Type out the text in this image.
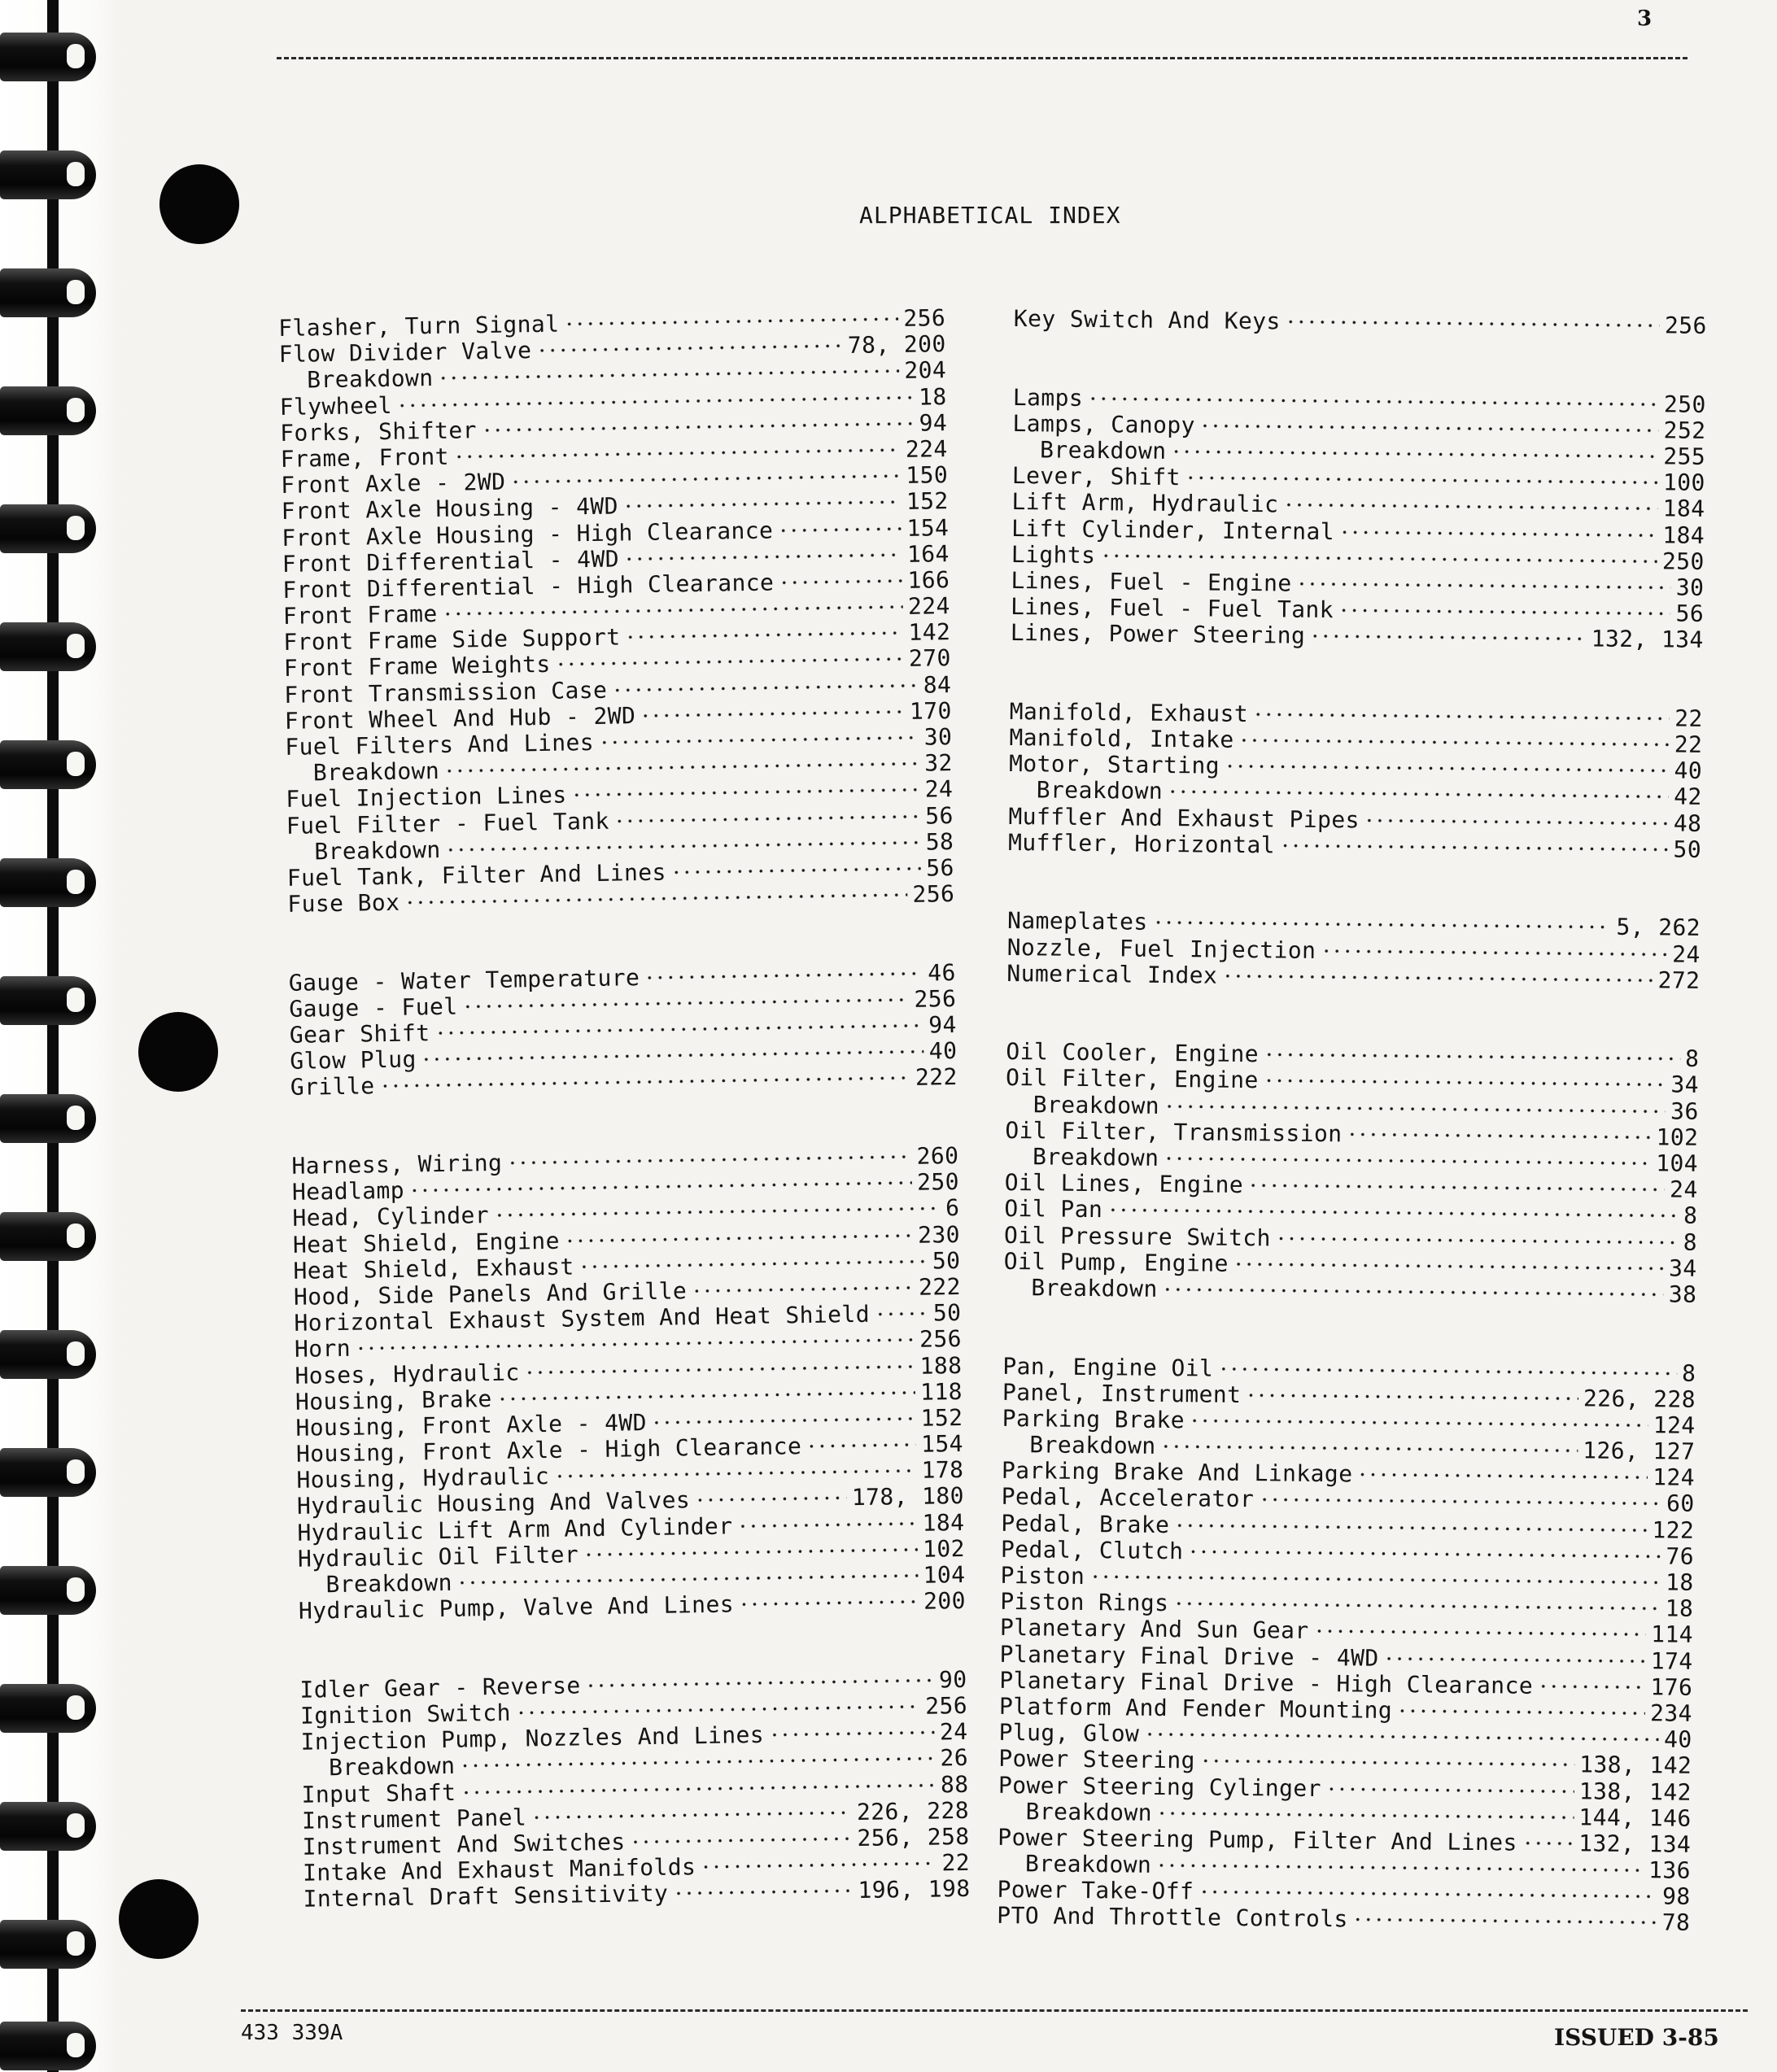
3
ALPHABETICAL INDEX
Flasher, Turn Signal	256
Flow Divider Valve	78, 200
Breakdown	204
Flywheel	18
Forks, Shifter	94
Frame, Front	224
Front Axle - 2WD	150
Front Axle Housing - 4WD	152
Front Axle Housing - High Clearance	154
Front Differential - 4WD	164
Front Differential - High Clearance	166
Front Frame	224
Front Frame Side Support	142
Front Frame Weights	270
Front Transmission Case	84
Front Wheel And Hub - 2WD	170
Fuel Filters And Lines	30
Breakdown	32
Fuel Injection Lines	24
Fuel Filter - Fuel Tank	56
Breakdown	58
Fuel Tank, Filter And Lines	56
Fuse Box	256
Gauge - Water Temperature	46
Gauge - Fuel	256
Gear Shift	94
Glow Plug	40
Grille	222
Harness, Wiring	260
Headlamp	250
Head, Cylinder	6
Heat Shield, Engine	230
Heat Shield, Exhaust	50
Hood, Side Panels And Grille	222
Horizontal Exhaust System And Heat Shield	50
Horn	256
Hoses, Hydraulic	188
Housing, Brake	118
Housing, Front Axle - 4WD	152
Housing, Front Axle - High Clearance	154
Housing, Hydraulic	178
Hydraulic Housing And Valves	178, 180
Hydraulic Lift Arm And Cylinder	184
Hydraulic Oil Filter	102
Breakdown	104
Hydraulic Pump, Valve And Lines	200
Idler Gear - Reverse	90
Ignition Switch	256
Injection Pump, Nozzles And Lines	24
Breakdown	26
Input Shaft	88
Instrument Panel	226, 228
Instrument And Switches	256, 258
Intake And Exhaust Manifolds	22
Internal Draft Sensitivity	196, 198
Key Switch And Keys	256
Lamps	250
Lamps, Canopy	252
Breakdown	255
Lever, Shift	100
Lift Arm, Hydraulic	184
Lift Cylinder, Internal	184
Lights	250
Lines, Fuel - Engine	30
Lines, Fuel - Fuel Tank	56
Lines, Power Steering	132, 134
Manifold, Exhaust	22
Manifold, Intake	22
Motor, Starting	40
Breakdown	42
Muffler And Exhaust Pipes	48
Muffler, Horizontal	50
Nameplates	5, 262
Nozzle, Fuel Injection	24
Numerical Index	272
Oil Cooler, Engine	8
Oil Filter, Engine	34
Breakdown	36
Oil Filter, Transmission	102
Breakdown	104
Oil Lines, Engine	24
Oil Pan	8
Oil Pressure Switch	8
Oil Pump, Engine	34
Breakdown	38
Pan, Engine Oil	8
Panel, Instrument	226, 228
Parking Brake	124
Breakdown	126, 127
Parking Brake And Linkage	124
Pedal, Accelerator	60
Pedal, Brake	122
Pedal, Clutch	76
Piston	18
Piston Rings	18
Planetary And Sun Gear	114
Planetary Final Drive - 4WD	174
Planetary Final Drive - High Clearance	176
Platform And Fender Mounting	234
Plug, Glow	40
Power Steering	138, 142
Power Steering Cylinger	138, 142
Breakdown	144, 146
Power Steering Pump, Filter And Lines	132, 134
Breakdown	136
Power Take-Off	98
PTO And Throttle Controls	78
433 339A	ISSUED 3-85
